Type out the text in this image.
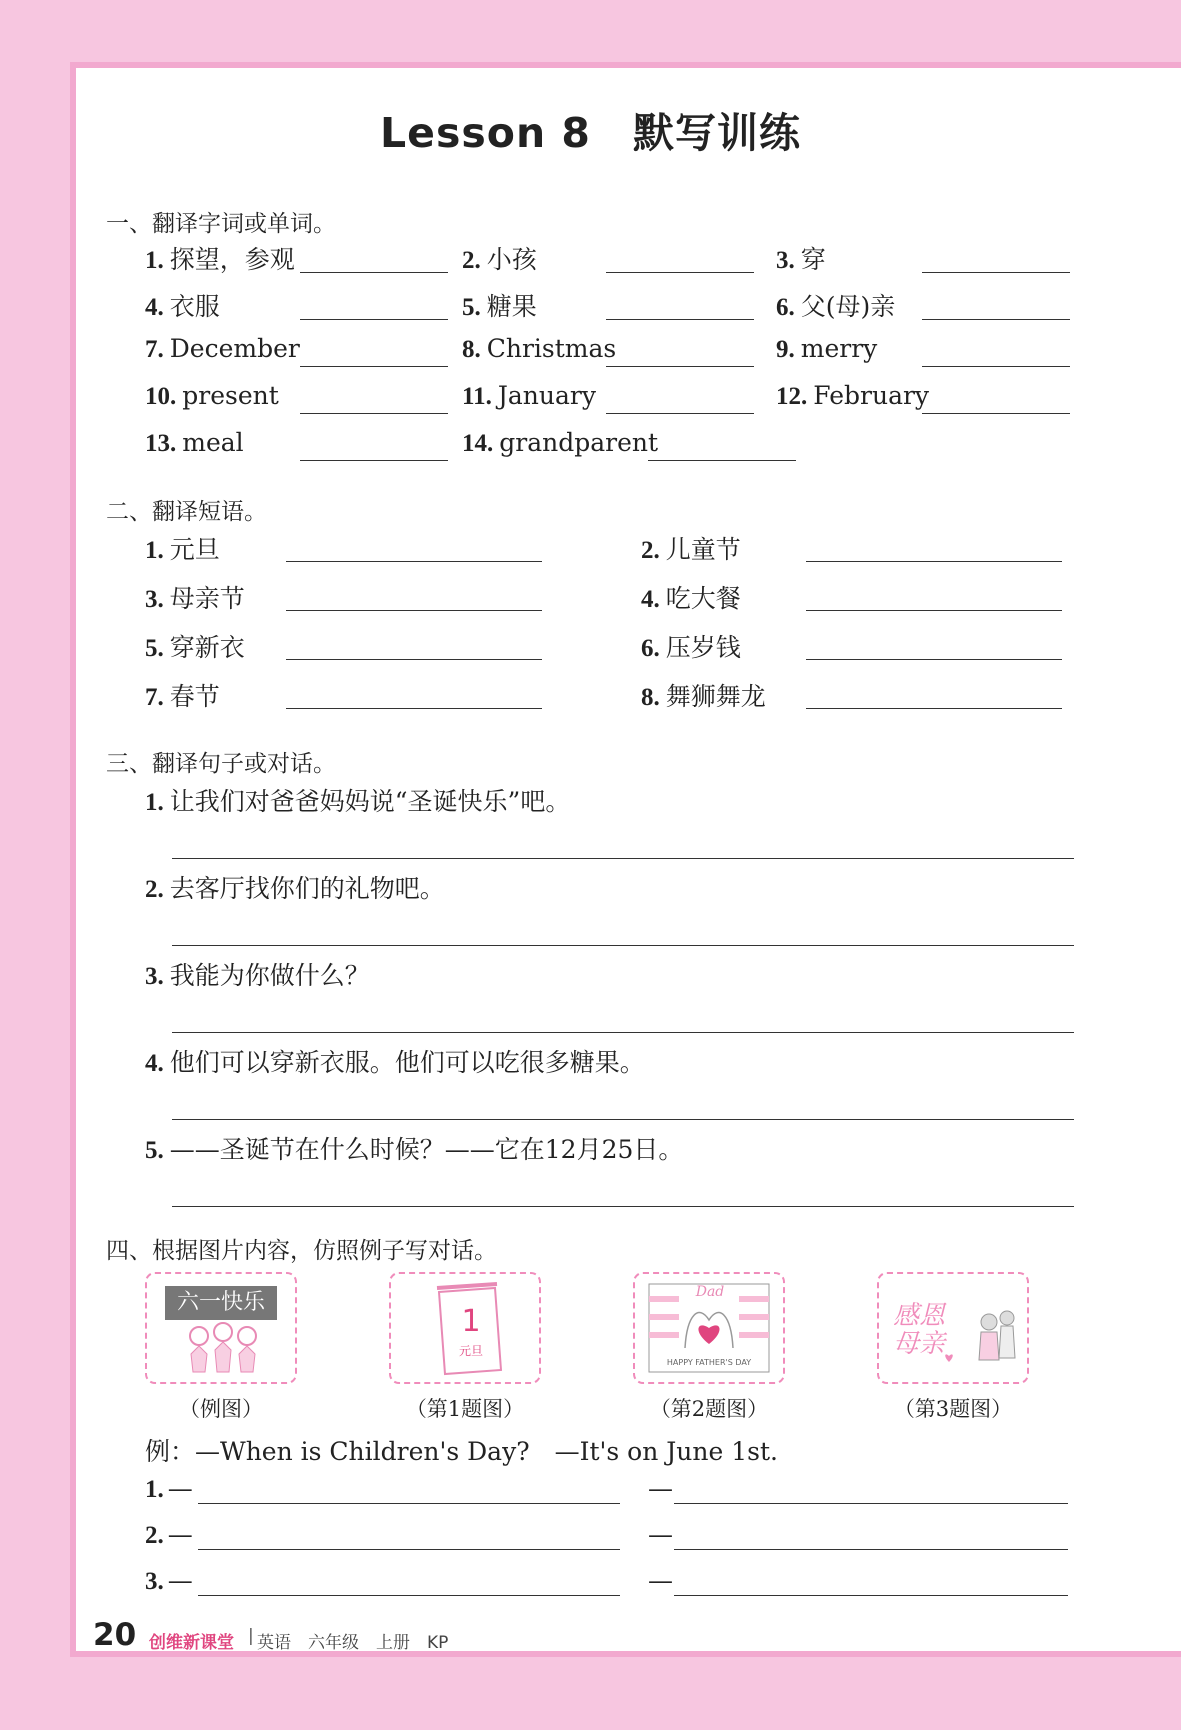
Lesson 8　默写训练
一、翻译字词或单词。
1. 探望，参观	2. 小孩	3. 穿
4. 衣服	5. 糖果	6. 父(母)亲
7. December	8. Christmas	9. merry
10. present	11. January	12. February
13. meal	14. grandparent
二、翻译短语。
1. 元旦	2. 儿童节
3. 母亲节	4. 吃大餐
5. 穿新衣	6. 压岁钱
7. 春节	8. 舞狮舞龙
三、翻译句子或对话。
1. 让我们对爸爸妈妈说“圣诞快乐”吧。
2. 去客厅找你们的礼物吧。
3. 我能为你做什么？
4. 他们可以穿新衣服。他们可以吃很多糖果。
5. ——圣诞节在什么时候？——它在12月25日。
四、根据图片内容，仿照例子写对话。
六一快乐
1
元旦
Dad
HAPPY FATHER'S DAY
感恩母亲
（例图）	（第1题图）	（第2题图）	（第3题图）
例：—When is Children's Day?　—It's on June 1st.
1. —	—
2. —	—
3. —	—
20 创维新课堂 | 英语　六年级　上册　KP
